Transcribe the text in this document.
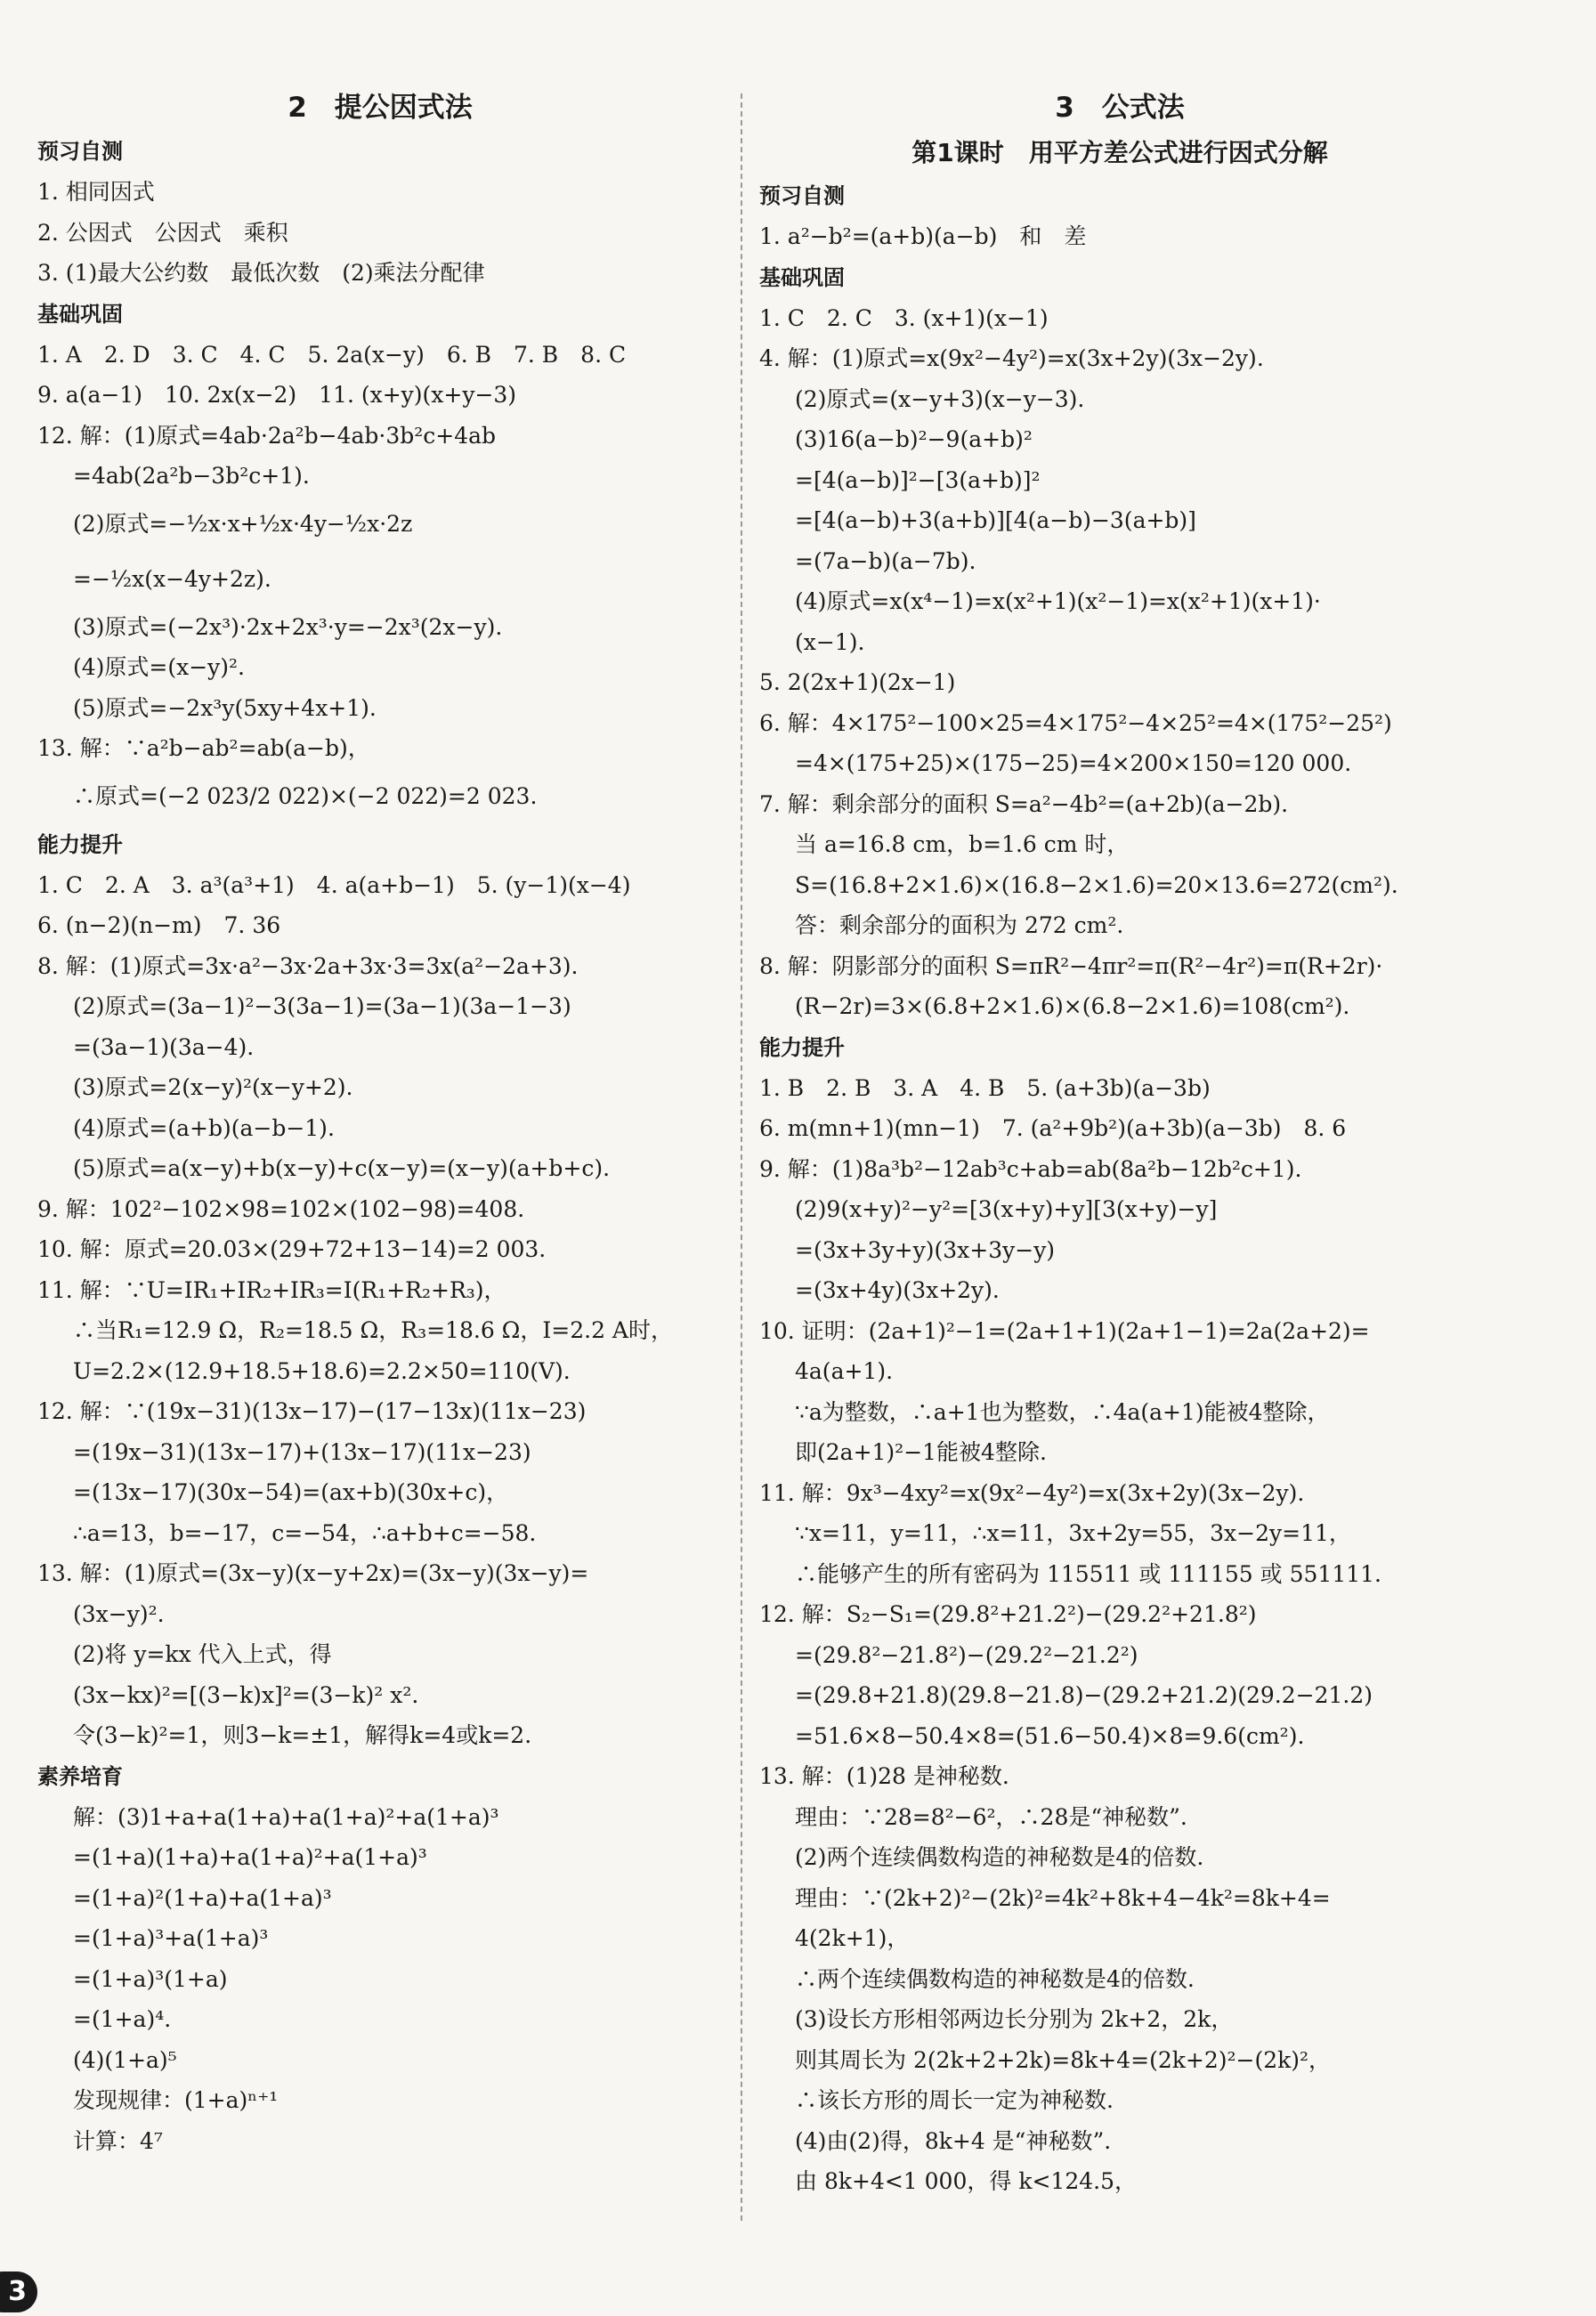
2　提公因式法
预习自测
1. 相同因式
2. 公因式　公因式　乘积
3. (1)最大公约数　最低次数　(2)乘法分配律
基础巩固
1. A　2. D　3. C　4. C　5. 2a(x−y)　6. B　7. B　8. C
9. a(a−1)　10. 2x(x−2)　11. (x+y)(x+y−3)
12. 解：(1)原式=4ab·2a²b−4ab·3b²c+4ab
=4ab(2a²b−3b²c+1).
(2)原式=−½x·x+½x·4y−½x·2z
=−½x(x−4y+2z).
(3)原式=(−2x³)·2x+2x³·y=−2x³(2x−y).
(4)原式=(x−y)².
(5)原式=−2x³y(5xy+4x+1).
13. 解：∵a²b−ab²=ab(a−b)，
∴原式=(−2 023/2 022)×(−2 022)=2 023.
能力提升
1. C　2. A　3. a³(a³+1)　4. a(a+b−1)　5. (y−1)(x−4)
6. (n−2)(n−m)　7. 36
8. 解：(1)原式=3x·a²−3x·2a+3x·3=3x(a²−2a+3).
(2)原式=(3a−1)²−3(3a−1)=(3a−1)(3a−1−3)
=(3a−1)(3a−4).
(3)原式=2(x−y)²(x−y+2).
(4)原式=(a+b)(a−b−1).
(5)原式=a(x−y)+b(x−y)+c(x−y)=(x−y)(a+b+c).
9. 解：102²−102×98=102×(102−98)=408.
10. 解：原式=20.03×(29+72+13−14)=2 003.
11. 解：∵U=IR₁+IR₂+IR₃=I(R₁+R₂+R₃)，
∴当R₁=12.9 Ω，R₂=18.5 Ω，R₃=18.6 Ω，I=2.2 A时，
U=2.2×(12.9+18.5+18.6)=2.2×50=110(V).
12. 解：∵(19x−31)(13x−17)−(17−13x)(11x−23)
=(19x−31)(13x−17)+(13x−17)(11x−23)
=(13x−17)(30x−54)=(ax+b)(30x+c)，
∴a=13，b=−17，c=−54，∴a+b+c=−58.
13. 解：(1)原式=(3x−y)(x−y+2x)=(3x−y)(3x−y)=
(3x−y)².
(2)将 y=kx 代入上式，得
(3x−kx)²=[(3−k)x]²=(3−k)² x².
令(3−k)²=1，则3−k=±1，解得k=4或k=2.
素养培育
解：(3)1+a+a(1+a)+a(1+a)²+a(1+a)³
=(1+a)(1+a)+a(1+a)²+a(1+a)³
=(1+a)²(1+a)+a(1+a)³
=(1+a)³+a(1+a)³
=(1+a)³(1+a)
=(1+a)⁴.
(4)(1+a)⁵
发现规律：(1+a)ⁿ⁺¹
计算：4⁷
3　公式法
第1课时　用平方差公式进行因式分解
预习自测
1. a²−b²=(a+b)(a−b)　和　差
基础巩固
1. C　2. C　3. (x+1)(x−1)
4. 解：(1)原式=x(9x²−4y²)=x(3x+2y)(3x−2y).
(2)原式=(x−y+3)(x−y−3).
(3)16(a−b)²−9(a+b)²
=[4(a−b)]²−[3(a+b)]²
=[4(a−b)+3(a+b)][4(a−b)−3(a+b)]
=(7a−b)(a−7b).
(4)原式=x(x⁴−1)=x(x²+1)(x²−1)=x(x²+1)(x+1)·
(x−1).
5. 2(2x+1)(2x−1)
6. 解：4×175²−100×25=4×175²−4×25²=4×(175²−25²)
=4×(175+25)×(175−25)=4×200×150=120 000.
7. 解：剩余部分的面积 S=a²−4b²=(a+2b)(a−2b).
当 a=16.8 cm，b=1.6 cm 时，
S=(16.8+2×1.6)×(16.8−2×1.6)=20×13.6=272(cm²).
答：剩余部分的面积为 272 cm².
8. 解：阴影部分的面积 S=πR²−4πr²=π(R²−4r²)=π(R+2r)·
(R−2r)=3×(6.8+2×1.6)×(6.8−2×1.6)=108(cm²).
能力提升
1. B　2. B　3. A　4. B　5. (a+3b)(a−3b)
6. m(mn+1)(mn−1)　7. (a²+9b²)(a+3b)(a−3b)　8. 6
9. 解：(1)8a³b²−12ab³c+ab=ab(8a²b−12b²c+1).
(2)9(x+y)²−y²=[3(x+y)+y][3(x+y)−y]
=(3x+3y+y)(3x+3y−y)
=(3x+4y)(3x+2y).
10. 证明：(2a+1)²−1=(2a+1+1)(2a+1−1)=2a(2a+2)=
4a(a+1).
∵a为整数，∴a+1也为整数，∴4a(a+1)能被4整除，
即(2a+1)²−1能被4整除.
11. 解：9x³−4xy²=x(9x²−4y²)=x(3x+2y)(3x−2y).
∵x=11，y=11，∴x=11，3x+2y=55，3x−2y=11，
∴能够产生的所有密码为 115511 或 111155 或 551111.
12. 解：S₂−S₁=(29.8²+21.2²)−(29.2²+21.8²)
=(29.8²−21.8²)−(29.2²−21.2²)
=(29.8+21.8)(29.8−21.8)−(29.2+21.2)(29.2−21.2)
=51.6×8−50.4×8=(51.6−50.4)×8=9.6(cm²).
13. 解：(1)28 是神秘数.
理由：∵28=8²−6²，∴28是“神秘数”.
(2)两个连续偶数构造的神秘数是4的倍数.
理由：∵(2k+2)²−(2k)²=4k²+8k+4−4k²=8k+4=
4(2k+1)，
∴两个连续偶数构造的神秘数是4的倍数.
(3)设长方形相邻两边长分别为 2k+2，2k，
则其周长为 2(2k+2+2k)=8k+4=(2k+2)²−(2k)²，
∴该长方形的周长一定为神秘数.
(4)由(2)得，8k+4 是“神秘数”.
由 8k+4<1 000，得 k<124.5，
3
